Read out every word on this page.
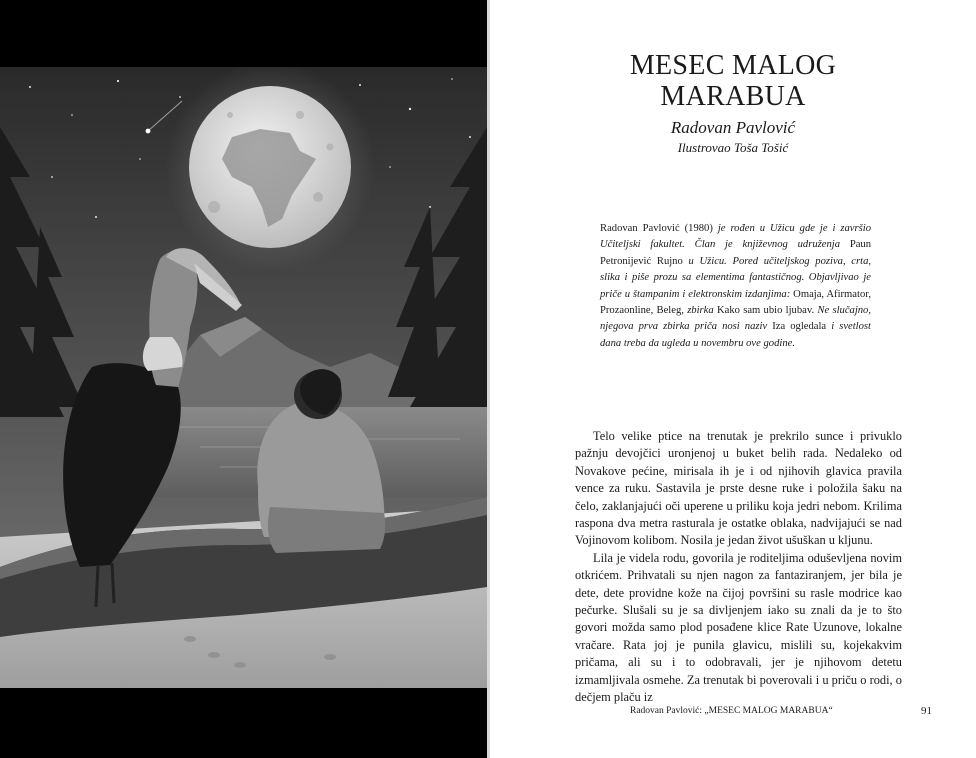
MESEC MALOG
MARABUA
Radovan Pavlović
Ilustrovao Toša Tošić

Radovan Pavlović (1980) je rođen u Užicu gde je i završio Učiteljski fakultet. Član je književnog udruženja Paun Petronijević Rujno u Užicu. Pored učiteljskog poziva, crta, slika i piše prozu sa elementima fantastičnog. Objavljivao je priče u štampanim i elektronskim izdanjima: Omaja, Afirmator, Prozaonline, Beleg, zbirka Kako sam ubio ljubav. Ne slučajno, njegova prva zbirka priča nosi naziv Iza ogledala i svetlost dana treba da ugleda u novembru ove godine.

Telo velike ptice na trenutak je prekrilo sunce i privuklo pažnju devojčici uronjenoj u buket belih rada. Nedaleko od Novakove pećine, mirisala ih je i od njihovih glavica pravila vence za ruku. Sastavila je prste desne ruke i položila šaku na čelo, zaklanjajući oči uperene u priliku koja jedri nebom. Krilima raspona dva metra rasturala je ostatke oblaka, nadvijajući se nad Vojinovom kolibom. Nosila je jedan život ušuškan u kljunu.

Lila je videla rodu, govorila je roditeljima oduševljena novim otkrićem. Prihvatali su njen nagon za fantaziranjem, jer bila je dete, dete providne kože na čijoj površini su rasle modrice kao pečurke. Slušali su je sa divljenjem iako su znali da je to što govori možda samo plod posađene klice Rate Uzunove, lokalne vračare. Rata joj je punila glavicu, mislili su, kojekakvim pričama, ali su i to odobravali, jer je njihovom detetu izmamljivala osmehe. Za trenutak bi poverovali i u priču o rodi, o dečjem plaču iz

Radovan Pavlović: „MESEC MALOG MARABUA“	91
